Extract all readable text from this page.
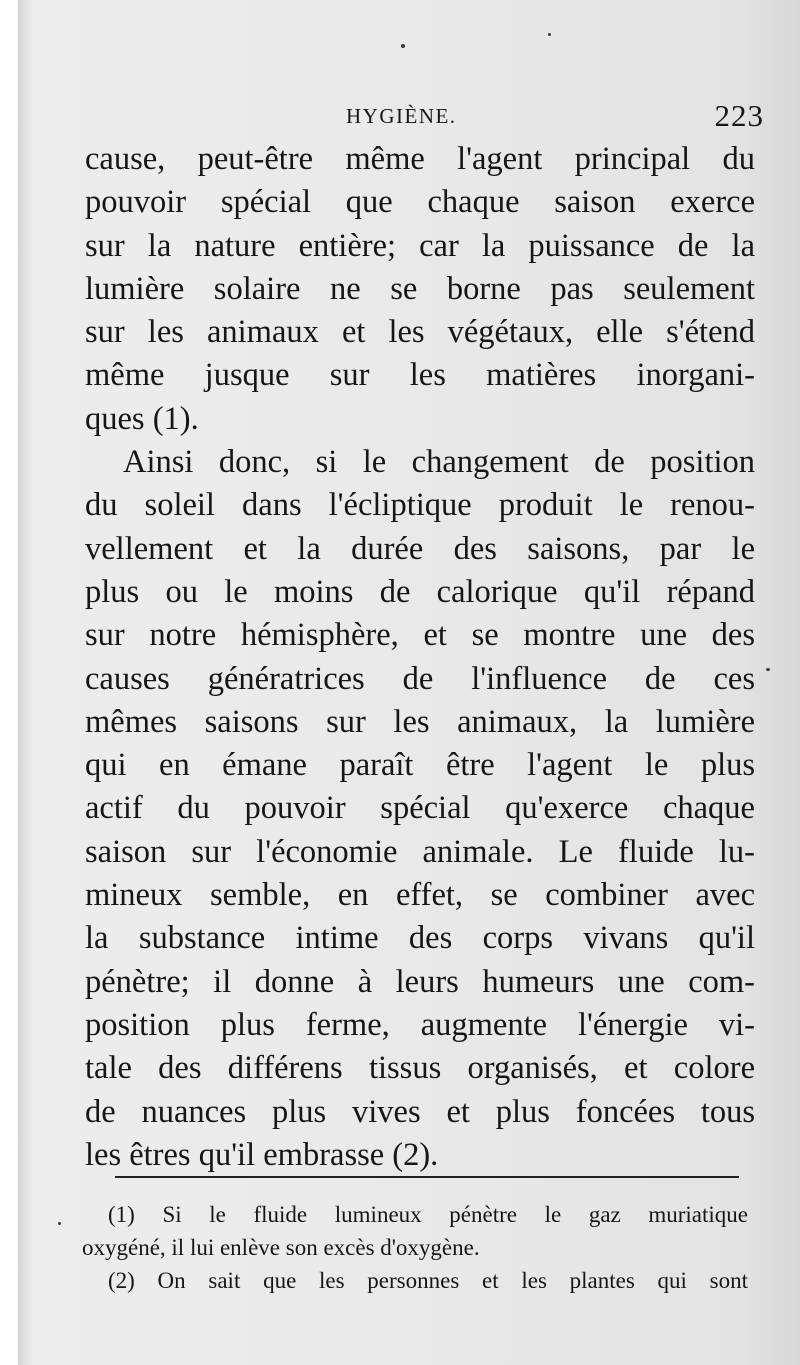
HYGIÈNE.	223
cause, peut-être même l'agent principal du
pouvoir spécial que chaque saison exerce
sur la nature entière; car la puissance de la
lumière solaire ne se borne pas seulement
sur les animaux et les végétaux, elle s'étend
même jusque sur les matières inorgani-
ques (1).
Ainsi donc, si le changement de position
du soleil dans l'écliptique produit le renou-
vellement et la durée des saisons, par le
plus ou le moins de calorique qu'il répand
sur notre hémisphère, et se montre une des
causes génératrices de l'influence de ces
mêmes saisons sur les animaux, la lumière
qui en émane paraît être l'agent le plus
actif du pouvoir spécial qu'exerce chaque
saison sur l'économie animale. Le fluide lu-
mineux semble, en effet, se combiner avec
la substance intime des corps vivans qu'il
pénètre; il donne à leurs humeurs une com-
position plus ferme, augmente l'énergie vi-
tale des différens tissus organisés, et colore
de nuances plus vives et plus foncées tous
les êtres qu'il embrasse (2).
(1) Si le fluide lumineux pénètre le gaz muriatique
oxygéné, il lui enlève son excès d'oxygène.
(2) On sait que les personnes et les plantes qui sont
